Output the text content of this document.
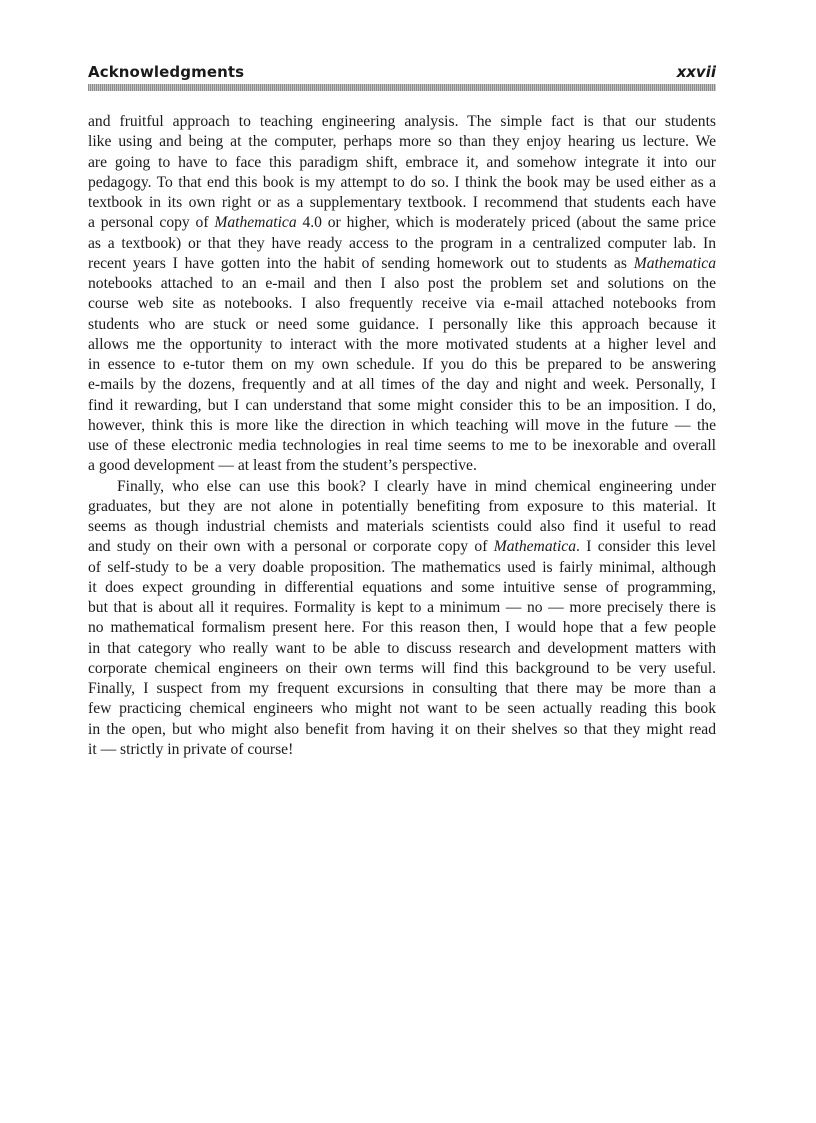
Acknowledgments	xxvii
and fruitful approach to teaching engineering analysis. The simple fact is that our students
like using and being at the computer, perhaps more so than they enjoy hearing us lecture. We
are going to have to face this paradigm shift, embrace it, and somehow integrate it into our
pedagogy. To that end this book is my attempt to do so. I think the book may be used either as a
textbook in its own right or as a supplementary textbook. I recommend that students each have
a personal copy of Mathematica 4.0 or higher, which is moderately priced (about the same price
as a textbook) or that they have ready access to the program in a centralized computer lab. In
recent years I have gotten into the habit of sending homework out to students as Mathematica
notebooks attached to an e-mail and then I also post the problem set and solutions on the
course web site as notebooks. I also frequently receive via e-mail attached notebooks from
students who are stuck or need some guidance. I personally like this approach because it
allows me the opportunity to interact with the more motivated students at a higher level and
in essence to e-tutor them on my own schedule. If you do this be prepared to be answering
e-mails by the dozens, frequently and at all times of the day and night and week. Personally, I
find it rewarding, but I can understand that some might consider this to be an imposition. I do,
however, think this is more like the direction in which teaching will move in the future — the
use of these electronic media technologies in real time seems to me to be inexorable and overall
a good development — at least from the student’s perspective.
Finally, who else can use this book? I clearly have in mind chemical engineering under
graduates, but they are not alone in potentially benefiting from exposure to this material. It
seems as though industrial chemists and materials scientists could also find it useful to read
and study on their own with a personal or corporate copy of Mathematica. I consider this level
of self-study to be a very doable proposition. The mathematics used is fairly minimal, although
it does expect grounding in differential equations and some intuitive sense of programming,
but that is about all it requires. Formality is kept to a minimum — no — more precisely there is
no mathematical formalism present here. For this reason then, I would hope that a few people
in that category who really want to be able to discuss research and development matters with
corporate chemical engineers on their own terms will find this background to be very useful.
Finally, I suspect from my frequent excursions in consulting that there may be more than a
few practicing chemical engineers who might not want to be seen actually reading this book
in the open, but who might also benefit from having it on their shelves so that they might read
it — strictly in private of course!
